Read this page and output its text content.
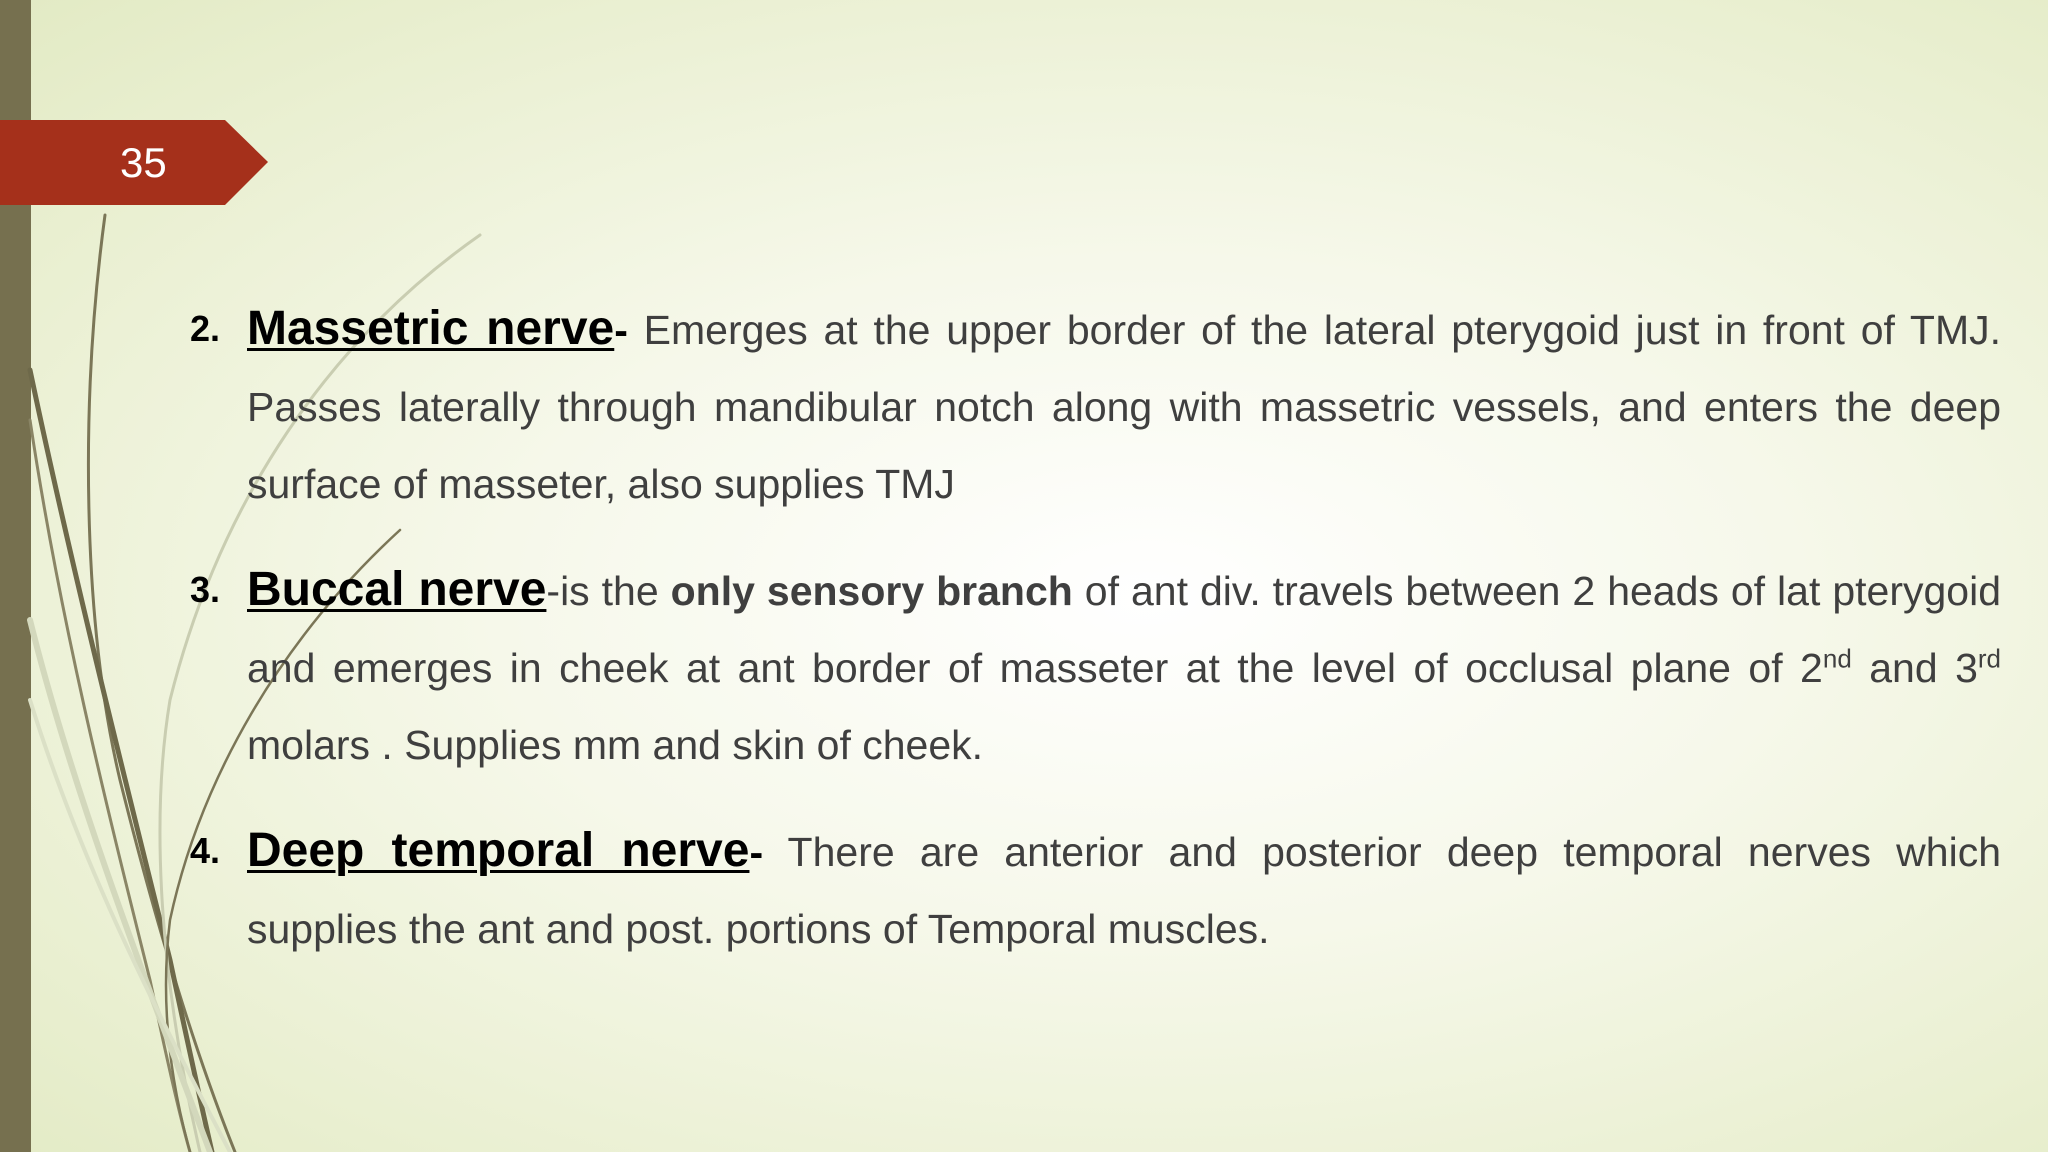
35
2. Massetric nerve- Emerges at the upper border of the lateral pterygoid just in front of TMJ. Passes laterally through mandibular notch along with massetric vessels, and enters the deep surface of masseter, also supplies TMJ
3. Buccal nerve-is the only sensory branch of ant div. travels between 2 heads of lat pterygoid and emerges in cheek at ant border of masseter at the level of occlusal plane of 2nd and 3rd molars . Supplies mm and skin of cheek.
4. Deep temporal nerve- There are anterior and posterior deep temporal nerves which supplies the ant and post. portions of Temporal muscles.
